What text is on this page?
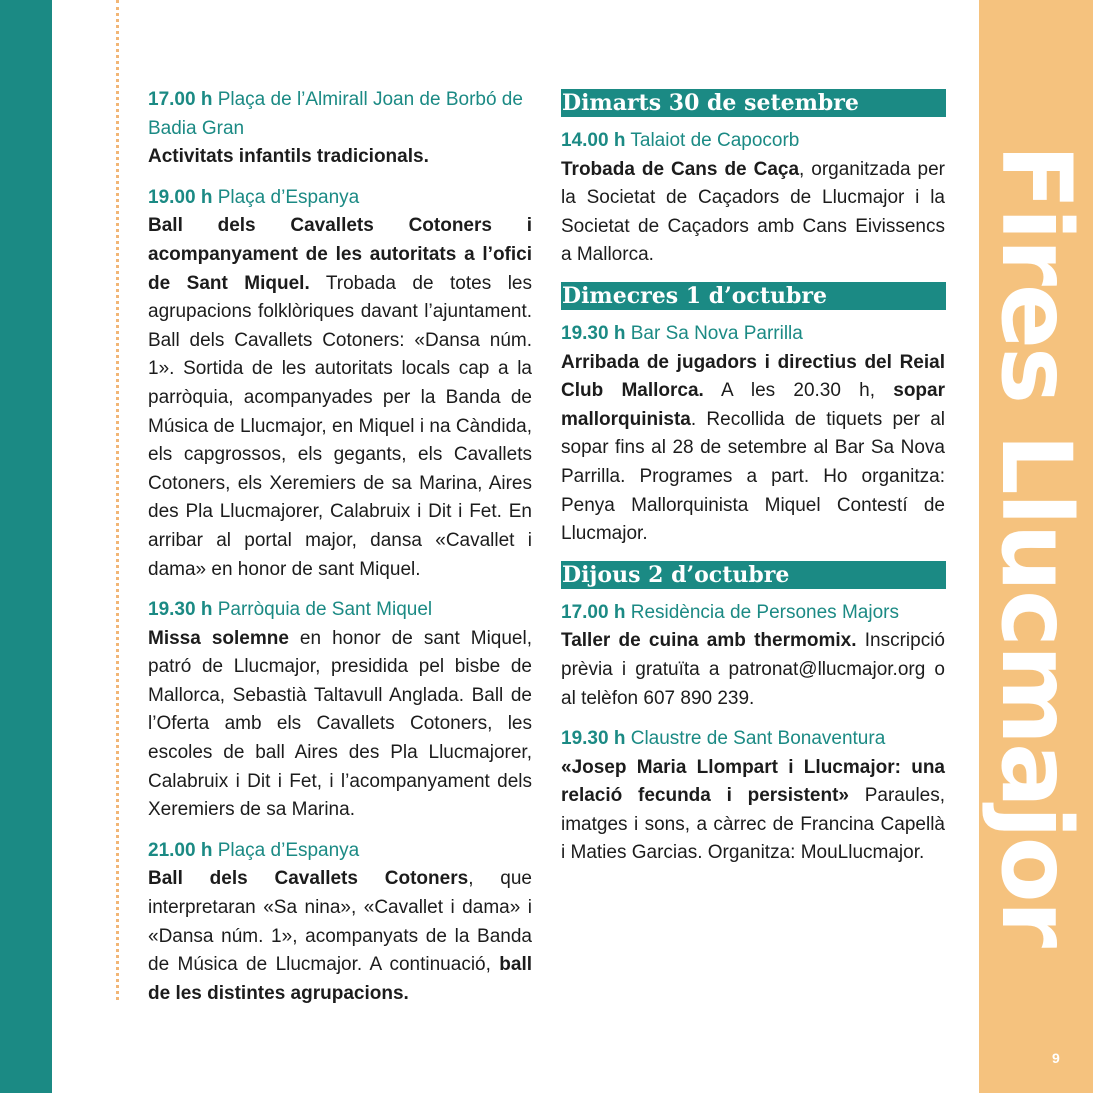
Fires Llucmajor
9
17.00 h Plaça de l’Almirall Joan de Borbó de Badia Gran

Activitats infantils tradicionals.

19.00 h Plaça d’Espanya

Ball dels Cavallets Cotoners i acompanyament de les autoritats a l’ofici de Sant Miquel. Trobada de totes les agrupacions folklòriques davant l’ajuntament. Ball dels Cavallets Cotoners: «Dansa núm. 1». Sortida de les autoritats locals cap a la parròquia, acompanyades per la Banda de Música de Llucmajor, en Miquel i na Càndida, els capgrossos, els gegants, els Cavallets Cotoners, els Xeremiers de sa Marina, Aires des Pla Llucmajorer, Calabruix i Dit i Fet. En arribar al portal major, dansa «Cavallet i dama» en honor de sant Miquel.

19.30 h Parròquia de Sant Miquel

Missa solemne en honor de sant Miquel, patró de Llucmajor, presidida pel bisbe de Mallorca, Sebastià Taltavull Anglada. Ball de l’Oferta amb els Cavallets Cotoners, les escoles de ball Aires des Pla Llucmajorer, Calabruix i Dit i Fet, i l’acompanyament dels Xeremiers de sa Marina.

21.00 h Plaça d’Espanya

Ball dels Cavallets Cotoners, que interpretaran «Sa nina», «Cavallet i dama» i «Dansa núm. 1», acompanyats de la Banda de Música de Llucmajor. A continuació, ball de les distintes agrupacions.

Dimarts 30 de setembre
14.00 h Talaiot de Capocorb

Trobada de Cans de Caça, organitzada per la Societat de Caçadors de Llucmajor i la Societat de Caçadors amb Cans Eivissencs a Mallorca.

Dimecres 1 d’octubre
19.30 h Bar Sa Nova Parrilla

Arribada de jugadors i directius del Reial Club Mallorca. A les 20.30 h, sopar mallorquinista. Recollida de tiquets per al sopar fins al 28 de setembre al Bar Sa Nova Parrilla. Programes a part. Ho organitza: Penya Mallorquinista Miquel Contestí de Llucmajor.

Dijous 2 d’octubre
17.00 h Residència de Persones Majors

Taller de cuina amb thermomix. Inscripció prèvia i gratuïta a patronat@llucmajor.org o al telèfon 607 890 239.

19.30 h Claustre de Sant Bonaventura

«Josep Maria Llompart i Llucmajor: una relació fecunda i persistent» Paraules, imatges i sons, a càrrec de Francina Capellà i Maties Garcias. Organitza: MouLlucmajor.
